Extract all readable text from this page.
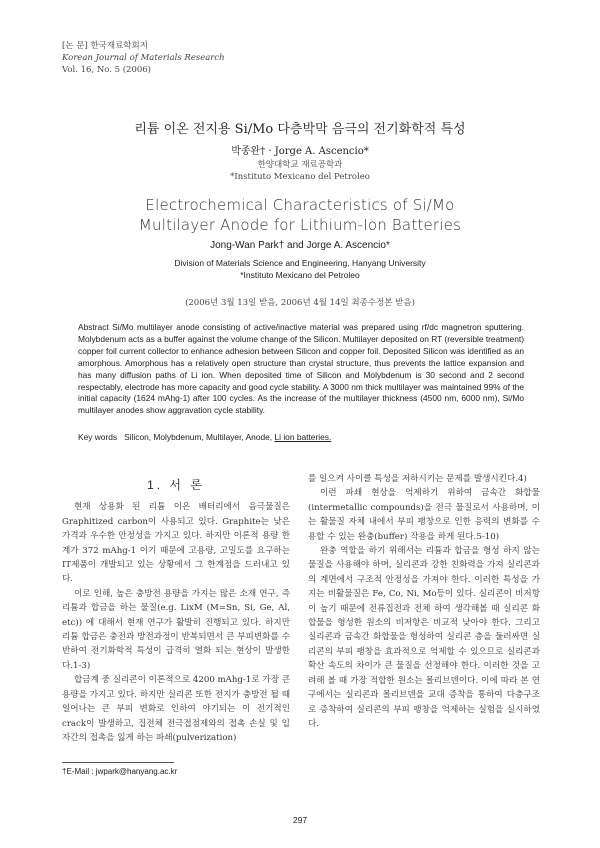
[논 문] 한국재료학회지
Korean Journal of Materials Research
Vol. 16, No. 5 (2006)
리튬 이온 전지용 Si/Mo 다층박막 음극의 전기화학적 특성
박종완† · Jorge A. Ascencio*
한양대학교 재료공학과
*Instituto Mexicano del Petroleo
Electrochemical Characteristics of Si/Mo
Multilayer Anode for Lithium-Ion Batteries
Jong-Wan Park† and Jorge A. Ascencio*
Division of Materials Science and Engineering, Hanyang University
*Instituto Mexicano del Petroleo
(2006년 3월 13일 받음, 2006년 4월 14일 최종수정본 받음)
Abstract Si/Mo multilayer anode consisting of active/inactive material was prepared using rf/dc magnetron sputtering. Molybdenum acts as a buffer against the volume change of the Silicon. Multilayer deposited on RT (reversible treatment) copper foil current collector to enhance adhesion between Silicon and copper foil. Deposited Silicon was identified as an amorphous. Amorphous has a relatively open structure than crystal structure, thus prevents the lattice expansion and has many diffusion paths of Li ion. When deposited time of Silicon and Molybdenum is 30 second and 2 second respectably, electrode has more capacity and good cycle stability. A 3000 nm thick multilayer was maintained 99% of the initial capacity (1624 mAhg-1) after 100 cycles. As the increase of the multilayer thickness (4500 nm, 6000 nm), Si/Mo multilayer anodes show aggravation cycle stability.
Key words Silicon, Molybdenum, Multilayer, Anode, Li ion batteries.
1. 서 론

현재 상용화 된 리튬 이온 배터리에서 음극물질은 Graphitized carbon이 사용되고 있다. Graphite는 낮은 가격과 우수한 안정성을 가지고 있다. 하지만 이론적 용량 한계가 372 mAhg-1 이기 때문에 고용량, 고밀도를 요구하는 IT제품이 개발되고 있는 상황에서 그 한계점을 드러내고 있다.

이로 인해, 높은 충방전 용량을 가지는 많은 소재 연구, 즉 리튬과 합금을 하는 물질(e.g. LixM (M=Sn, Si, Ge, Al, etc)) 에 대해서 현재 연구가 활발히 진행되고 있다. 하지만 리튬 합금은 충전과 방전과정이 반복되면서 큰 부피변화를 수반하여 전기화학적 특성이 급격히 열화 되는 현상이 발생한다.1-3)

합금계 중 실리콘이 이론적으로 4200 mAhg-1로 가장 큰 용량을 가지고 있다. 하지만 실리콘 또한 전지가 충방전 될 때 일어나는 큰 부피 변화로 인하여 야기되는 이 전기적인 crack이 발생하고, 집전체 전극접점제와의 접촉 손실 및 입자간의 접촉을 잃게 하는 파쇄(pulverization)

를 일으켜 사이클 특성을 저하시키는 문제를 발생시킨다.4)

이런 파쇄 현상을 억제하기 위하여 금속간 화합물(intermetallic compounds)을 전극 물질로서 사용하며, 이는 활물질 자체 내에서 부피 팽창으로 인한 응력의 변화를 수용할 수 있는 완충(buffer) 작용을 하게 된다.5-10)

완충 역할을 하기 위해서는 리튬과 합금을 형성 하지 않는 물질을 사용해야 하며, 실리콘과 강한 친화력을 가져 실리콘과의 계면에서 구조적 안정성을 가져야 한다. 이러한 특성을 가지는 비활물질은 Fe, Co, Ni, Mo등이 있다. 실리콘이 비저항이 높기 때문에 전류집전과 전체 하여 생각해볼 때 실리콘 화합물을 형성한 원소의 비저항은 비교적 낮아야 한다. 그리고 실리콘과 금속간 화합물을 형성하여 실리콘 층을 둘러싸면 실리콘의 부피 팽창을 효과적으로 억제할 수 있으므로 실리콘과 확산 속도의 차이가 큰 물질을 선정해야 한다. 이러한 것을 고려해 볼 때 가장 적합한 원소는 몰리브덴이다. 이에 따라 본 연구에서는 실리콘과 몰리브덴을 교대 증착을 통하여 다층구조로 증착하여 실리콘의 부피 팽창을 억제하는 실험을 실시하였다.

†E-Mail : jwpark@hanyang.ac.kr
297
